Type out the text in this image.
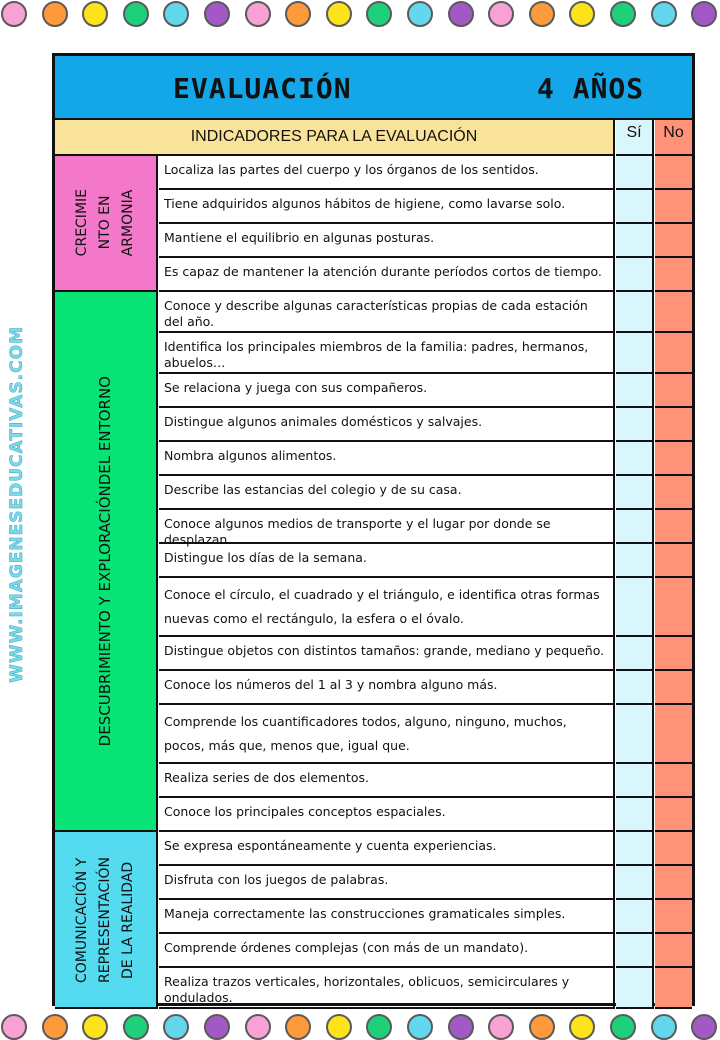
WWW.IMAGENESEDUCATIVAS.COM
EVALUACIÓN	4 AÑOS
INDICADORES PARA LA EVALUACIÓN	Sí	No
CRECIMIE NTO EN ARMONIA
Localiza las partes del cuerpo y los órganos de los sentidos.
Tiene adquiridos algunos hábitos de higiene, como lavarse solo.
Mantiene el equilibrio en algunas posturas.
Es capaz de mantener la atención durante períodos cortos de tiempo.
DESCUBRIMIENTO Y EXPLORACIÓNDEL ENTORNO
Conoce y describe algunas características propias de cada estación del año.
Identifica los principales miembros de la familia: padres, hermanos, abuelos…
Se relaciona y juega con sus compañeros.
Distingue algunos animales domésticos y salvajes.
Nombra algunos alimentos.
Describe las estancias del colegio y de su casa.
Conoce algunos medios de transporte y el lugar por donde se desplazan.
Distingue los días de la semana.
Conoce el círculo, el cuadrado y el triángulo, e identifica otras formas nuevas como el rectángulo, la esfera o el óvalo.
Distingue objetos con distintos tamaños: grande, mediano y pequeño.
Conoce los números del 1 al 3 y nombra alguno más.
Comprende los cuantificadores todos, alguno, ninguno, muchos, pocos, más que, menos que, igual que.
Realiza series de dos elementos.
Conoce los principales conceptos espaciales.
COMUNICACIÓN Y REPRESENTACIÓN DE LA REALIDAD
Se expresa espontáneamente y cuenta experiencias.
Disfruta con los juegos de palabras.
Maneja correctamente las construcciones gramaticales simples.
Comprende órdenes complejas (con más de un mandato).
Realiza trazos verticales, horizontales, oblicuos, semicirculares y ondulados.
